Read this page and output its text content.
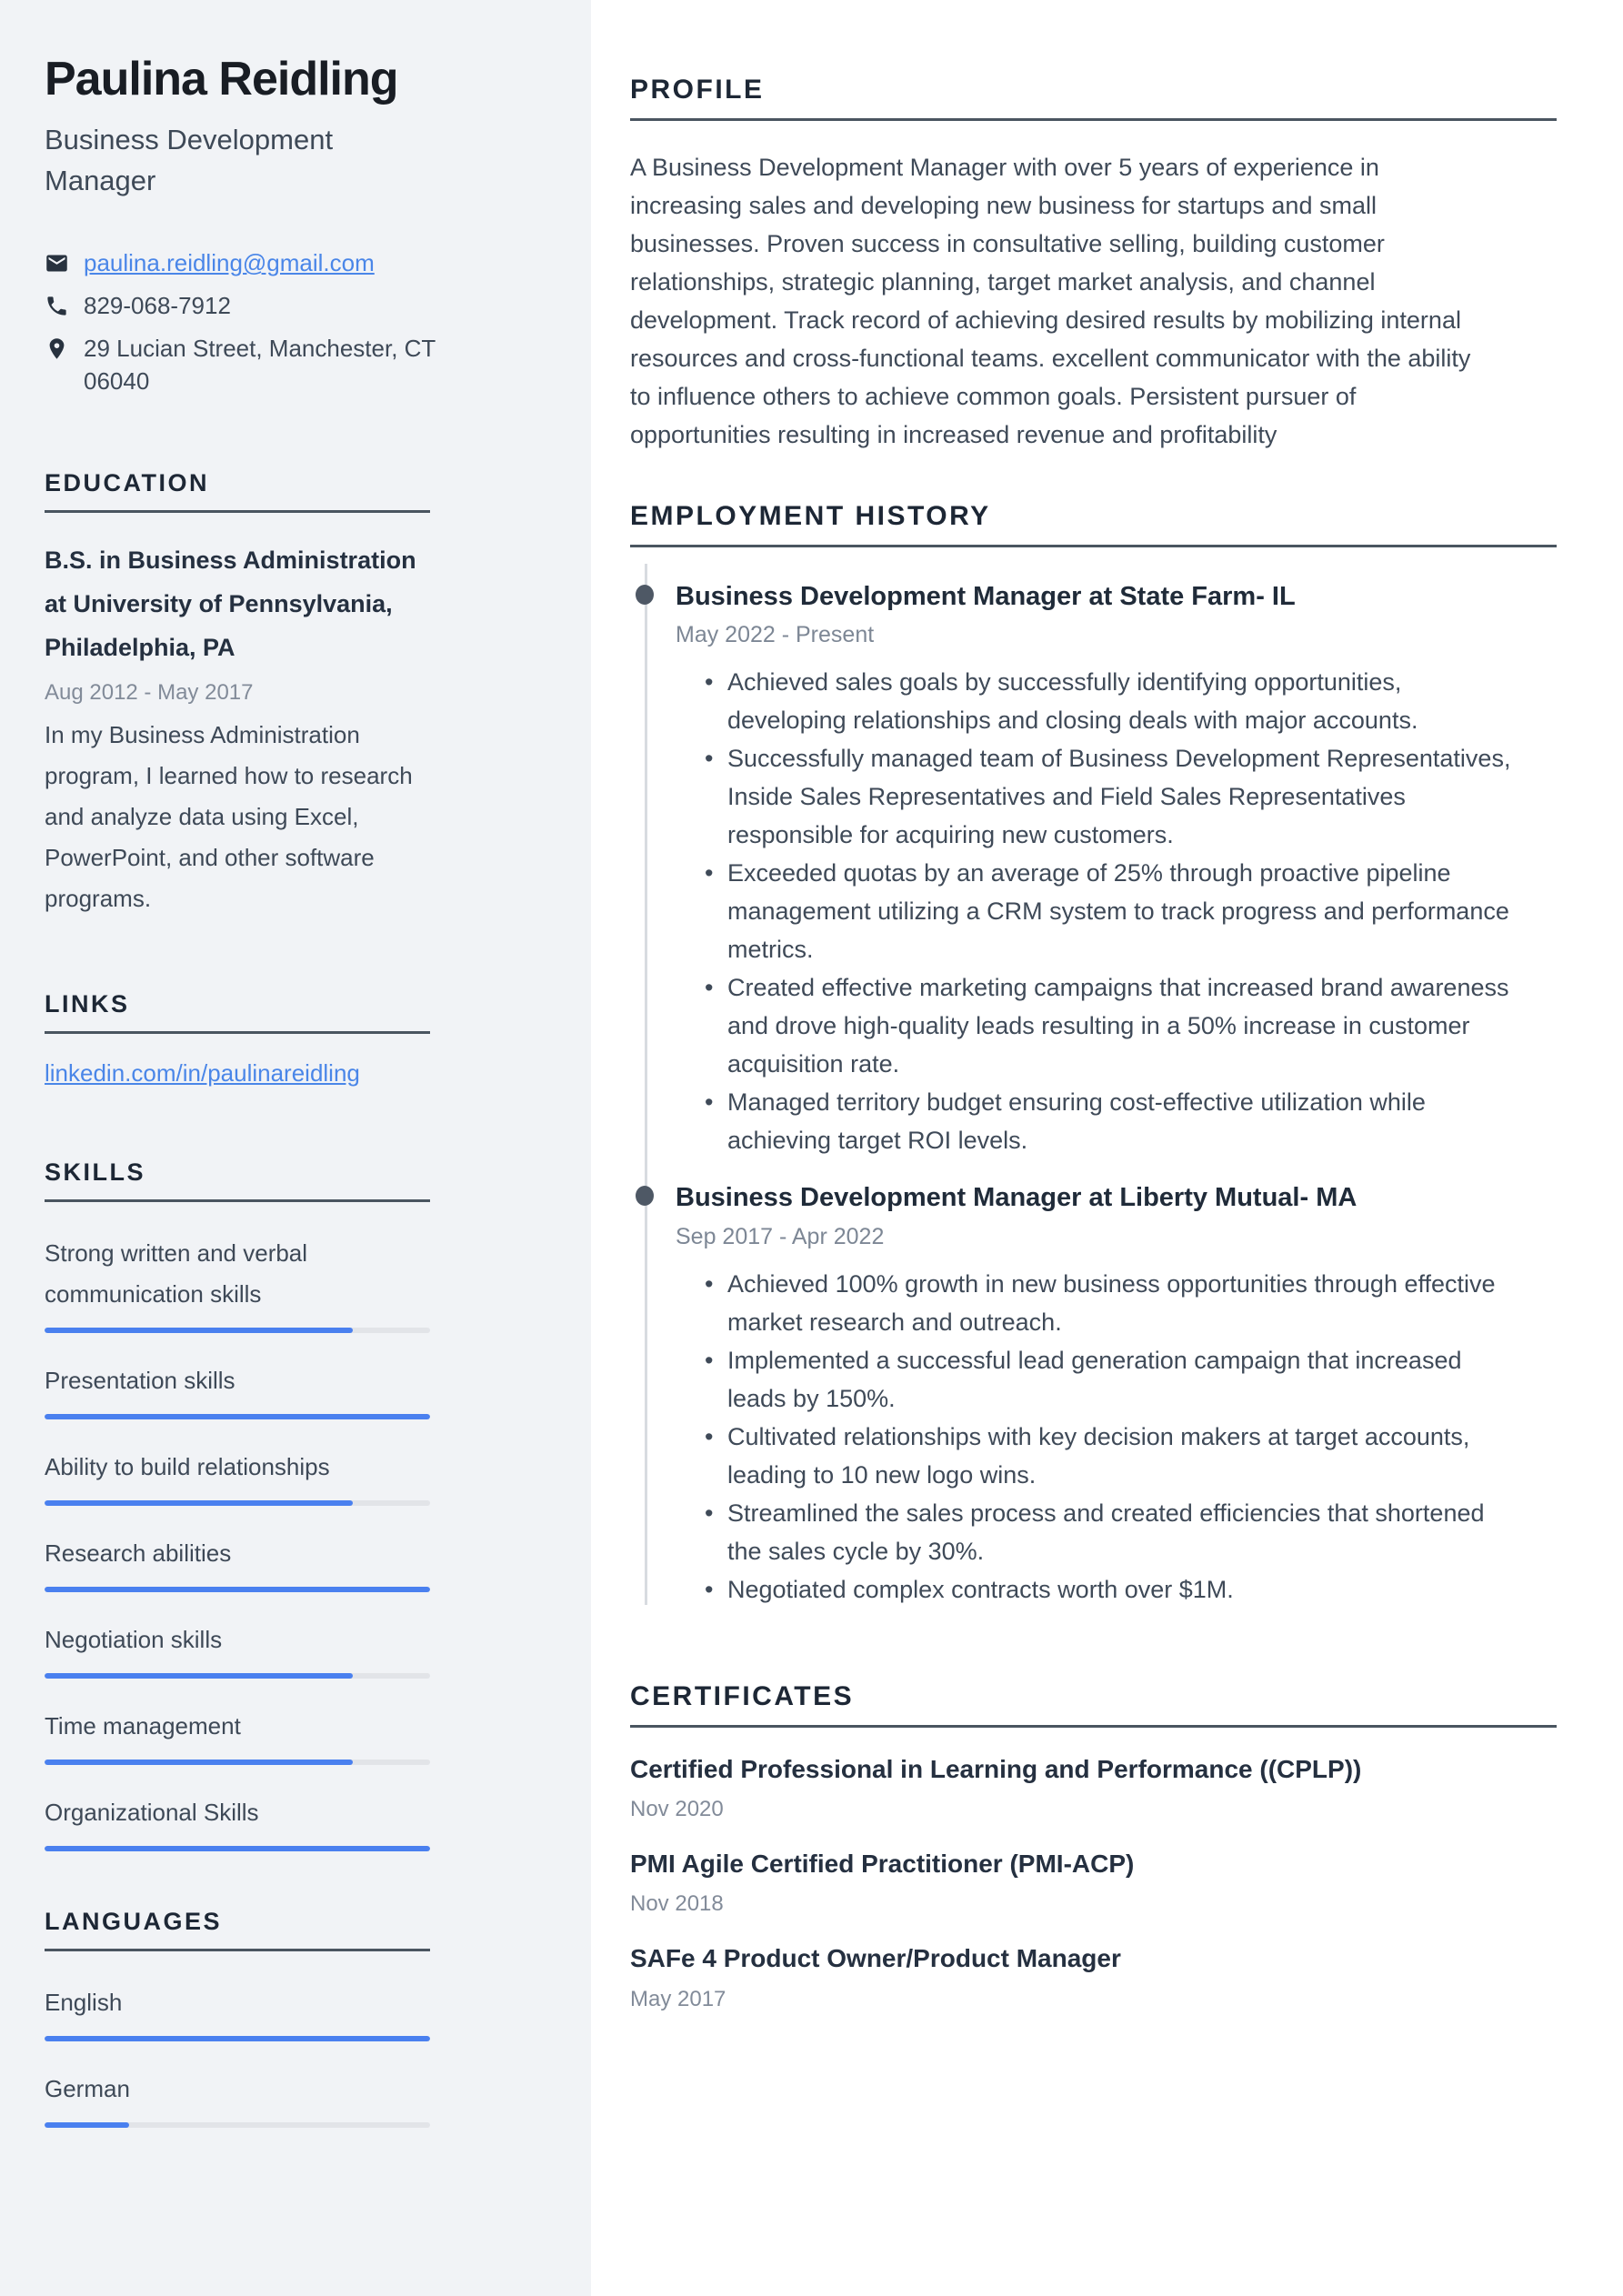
Paulina Reidling
Business Development Manager
paulina.reidling@gmail.com
829-068-7912
29 Lucian Street, Manchester, CT 06040
EDUCATION
B.S. in Business Administration at University of Pennsylvania, Philadelphia, PA
Aug 2012 - May 2017
In my Business Administration program, I learned how to research and analyze data using Excel, PowerPoint, and other software programs.
LINKS
linkedin.com/in/paulinareidling
SKILLS
Strong written and verbal communication skills
Presentation skills
Ability to build relationships
Research abilities
Negotiation skills
Time management
Organizational Skills
LANGUAGES
English
German
PROFILE

A Business Development Manager with over 5 years of experience in increasing sales and developing new business for startups and small businesses. Proven success in consultative selling, building customer relationships, strategic planning, target market analysis, and channel development. Track record of achieving desired results by mobilizing internal resources and cross-functional teams. excellent communicator with the ability to influence others to achieve common goals. Persistent pursuer of opportunities resulting in increased revenue and profitability

EMPLOYMENT HISTORY
Business Development Manager at State Farm- IL
May 2022 - Present
• Achieved sales goals by successfully identifying opportunities, developing relationships and closing deals with major accounts.
• Successfully managed team of Business Development Representatives, Inside Sales Representatives and Field Sales Representatives responsible for acquiring new customers.
• Exceeded quotas by an average of 25% through proactive pipeline management utilizing a CRM system to track progress and performance metrics.
• Created effective marketing campaigns that increased brand awareness and drove high-quality leads resulting in a 50% increase in customer acquisition rate.
• Managed territory budget ensuring cost-effective utilization while achieving target ROI levels.
Business Development Manager at Liberty Mutual- MA
Sep 2017 - Apr 2022
• Achieved 100% growth in new business opportunities through effective market research and outreach.
• Implemented a successful lead generation campaign that increased leads by 150%.
• Cultivated relationships with key decision makers at target accounts, leading to 10 new logo wins.
• Streamlined the sales process and created efficiencies that shortened the sales cycle by 30%.
• Negotiated complex contracts worth over $1M.
CERTIFICATES
Certified Professional in Learning and Performance ((CPLP))
Nov 2020
PMI Agile Certified Practitioner (PMI-ACP)
Nov 2018
SAFe 4 Product Owner/Product Manager
May 2017
